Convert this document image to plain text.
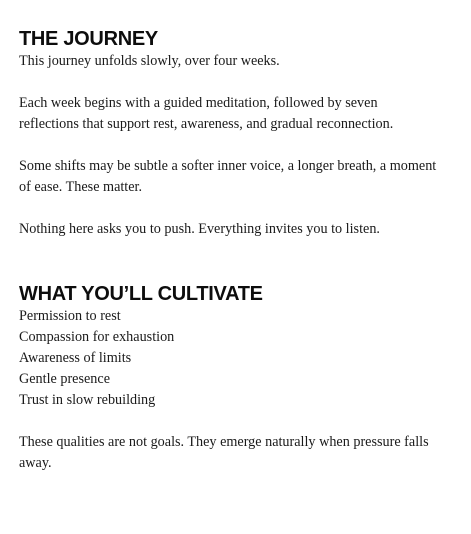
THE JOURNEY

This journey unfolds slowly, over four weeks.

Each week begins with a guided meditation, followed by seven reflections that support rest, awareness, and gradual reconnection.

Some shifts may be subtle a softer inner voice, a longer breath, a moment of ease. These matter.

Nothing here asks you to push. Everything invites you to listen.

WHAT YOU’LL CULTIVATE
Permission to rest
Compassion for exhaustion
Awareness of limits
Gentle presence
Trust in slow rebuilding

These qualities are not goals. They emerge naturally when pressure falls away.
